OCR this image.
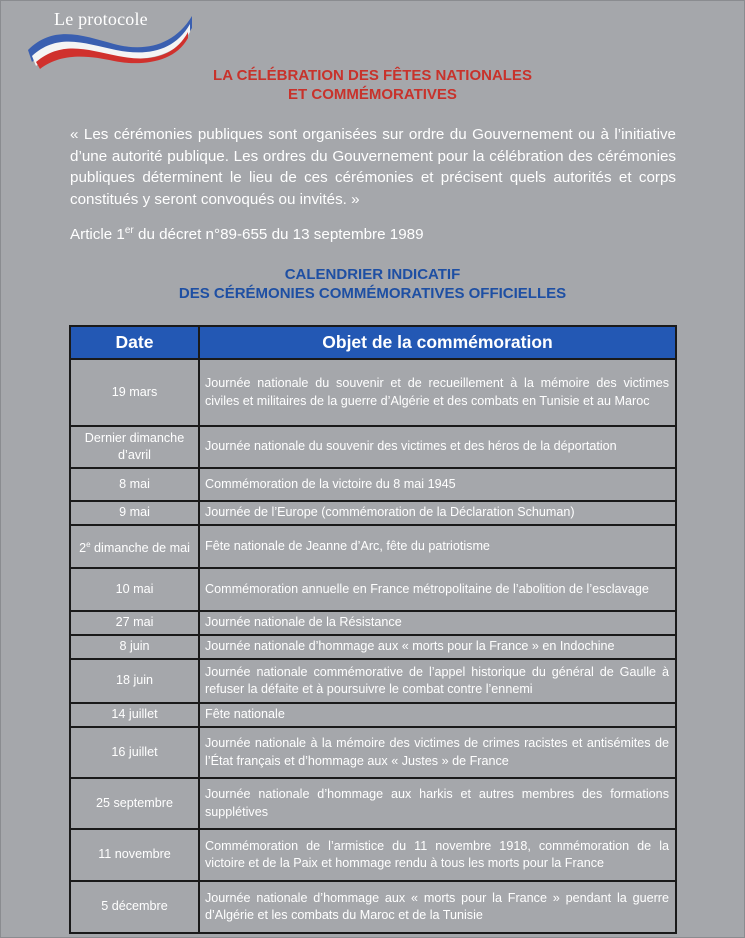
Le protocole
LA CÉLÉBRATION DES FÊTES NATIONALES
ET COMMÉMORATIVES
« Les cérémonies publiques sont organisées sur ordre du Gouvernement ou à l’initiative d’une autorité publique. Les ordres du Gouvernement pour la célébration des cérémonies publiques déterminent le lieu de ces cérémonies et précisent quels autorités et corps constitués y seront convoqués ou invités. »
Article 1er du décret n°89-655 du 13 septembre 1989
CALENDRIER INDICATIF
DES CÉRÉMONIES COMMÉMORATIVES OFFICIELLES
Date	Objet de la commémoration
19 mars	Journée nationale du souvenir et de recueillement à la mémoire des victimes civiles et militaires de la guerre d’Algérie et des combats en Tunisie et au Maroc
Dernier dimanche d’avril	Journée nationale du souvenir des victimes et des héros de la déportation
8 mai	Commémoration de la victoire du 8 mai 1945
9 mai	Journée de l’Europe (commémoration de la Déclaration Schuman)
2e dimanche de mai	Fête nationale de Jeanne d’Arc, fête du patriotisme
10 mai	Commémoration annuelle en France métropolitaine de l’abolition de l’esclavage
27 mai	Journée nationale de la Résistance
8 juin	Journée nationale d’hommage aux « morts pour la France » en Indochine
18 juin	Journée nationale commémorative de l’appel historique du général de Gaulle à refuser la défaite et à poursuivre le combat contre l’ennemi
14 juillet	Fête nationale
16 juillet	Journée nationale à la mémoire des victimes de crimes racistes et antisémites de l’État français et d’hommage aux « Justes » de France
25 septembre	Journée nationale d’hommage aux harkis et autres membres des formations supplétives
11 novembre	Commémoration de l’armistice du 11 novembre 1918, commémoration de la victoire et de la Paix et hommage rendu à tous les morts pour la France
5 décembre	Journée nationale d’hommage aux « morts pour la France » pendant la guerre d’Algérie et les combats du Maroc et de la Tunisie
